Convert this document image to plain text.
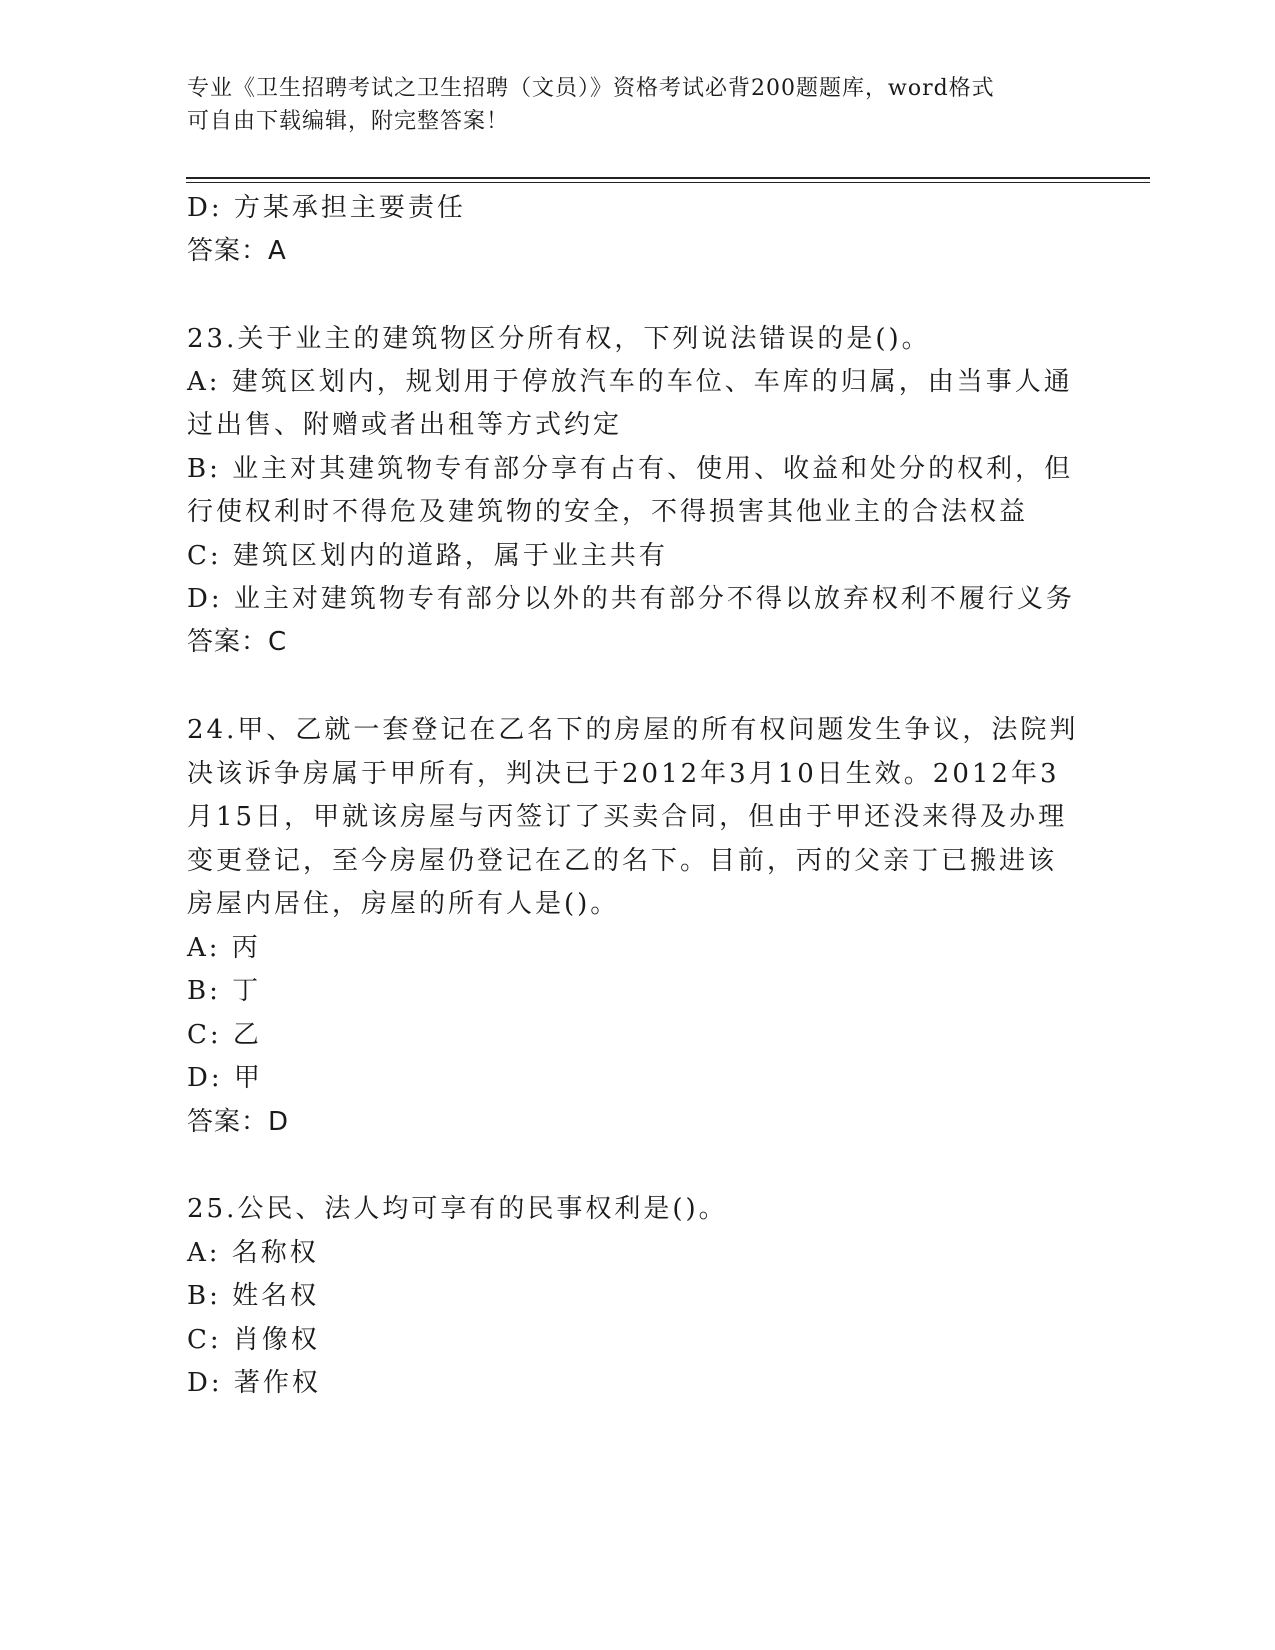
专业《卫生招聘考试之卫生招聘（文员）》资格考试必背200题题库，word格式
可自由下载编辑，附完整答案！
D: 方某承担主要责任
答案：A
23.关于业主的建筑物区分所有权，下列说法错误的是()。
A: 建筑区划内，规划用于停放汽车的车位、车库的归属，由当事人通
过出售、附赠或者出租等方式约定
B: 业主对其建筑物专有部分享有占有、使用、收益和处分的权利，但
行使权利时不得危及建筑物的安全，不得损害其他业主的合法权益
C: 建筑区划内的道路，属于业主共有
D: 业主对建筑物专有部分以外的共有部分不得以放弃权利不履行义务
答案：C
24.甲、乙就一套登记在乙名下的房屋的所有权问题发生争议，法院判
决该诉争房属于甲所有，判决已于2012年3月10日生效。2012年3
月15日，甲就该房屋与丙签订了买卖合同，但由于甲还没来得及办理
变更登记，至今房屋仍登记在乙的名下。目前，丙的父亲丁已搬进该
房屋内居住，房屋的所有人是()。
A: 丙
B: 丁
C: 乙
D: 甲
答案：D
25.公民、法人均可享有的民事权利是()。
A: 名称权
B: 姓名权
C: 肖像权
D: 著作权
